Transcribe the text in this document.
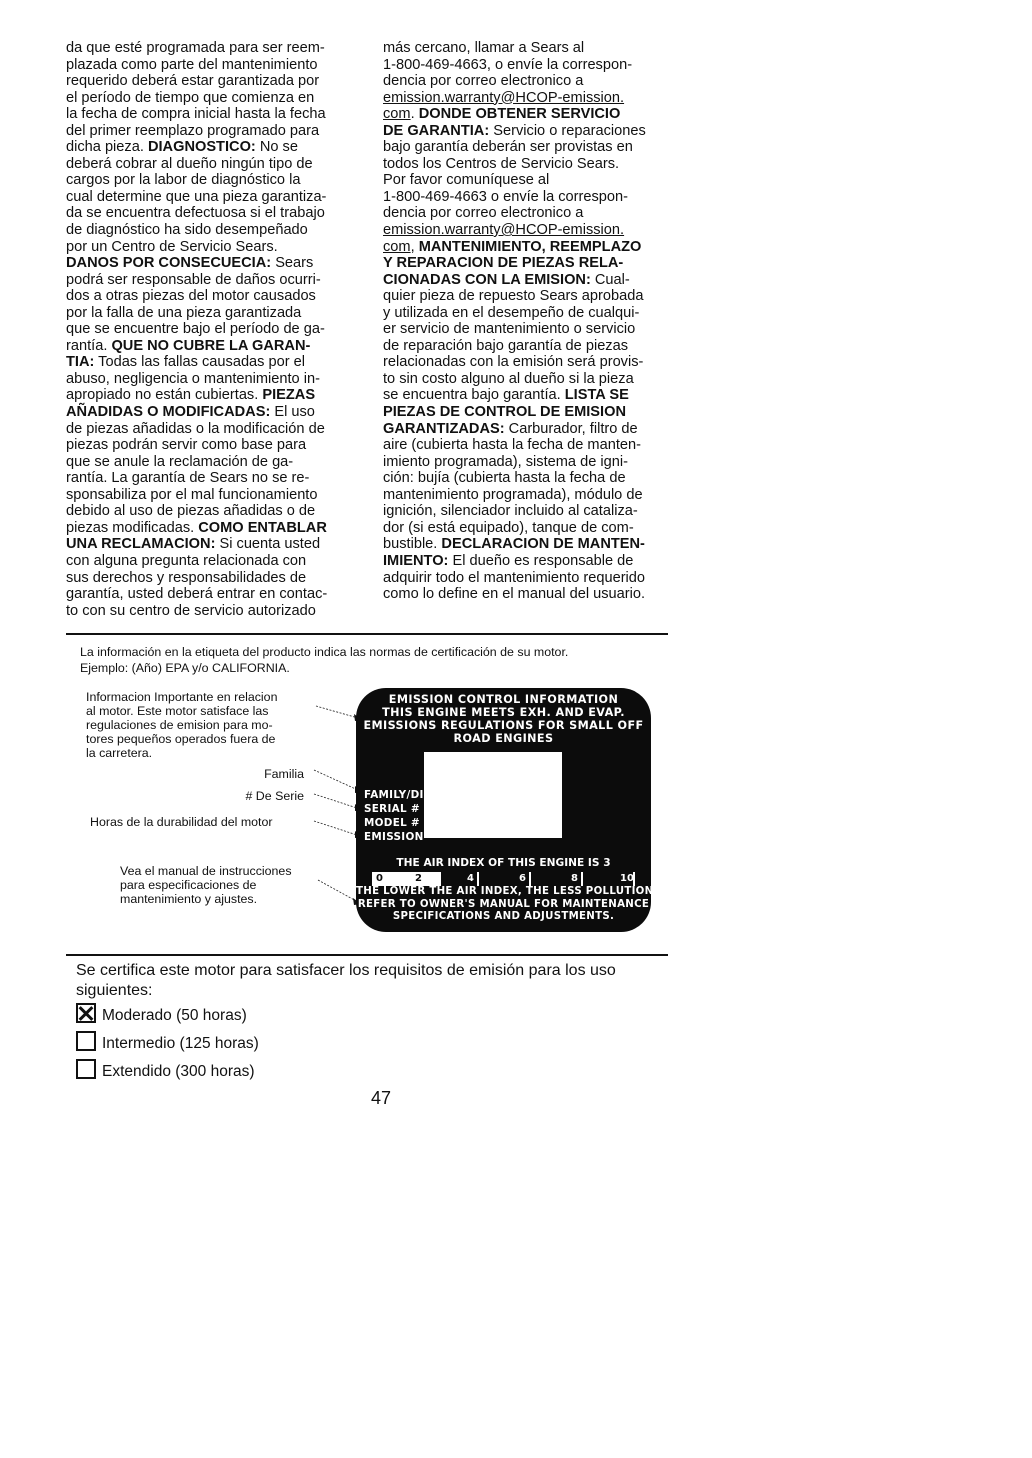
da que esté programada para ser reem-

plazada como parte del mantenimiento

requerido deberá estar garantizada por

el período de tiempo que comienza en

la fecha de compra inicial hasta la fecha

del primer reemplazo programado para

dicha pieza. DIAGNOSTICO: No se

deberá cobrar al dueño ningún tipo de

cargos por la labor de diagnóstico la

cual determine que una pieza garantiza-

da se encuentra defectuosa si el trabajo

de diagnóstico ha sido desempeñado

por un Centro de Servicio Sears.

DANOS POR CONSECUECIA: Sears

podrá ser responsable de daños ocurri-

dos a otras piezas del motor causados

por la falla de una pieza garantizada

que se encuentre bajo el período de ga-

rantía. QUE NO CUBRE LA GARAN-

TIA: Todas las fallas causadas por el

abuso, negligencia o mantenimiento in-

apropiado no están cubiertas. PIEZAS

AÑADIDAS O MODIFICADAS: El uso

de piezas añadidas o la modificación de

piezas podrán servir como base para

que se anule la reclamación de ga-

rantía. La garantía de Sears no se re-

sponsabiliza por el mal funcionamiento

debido al uso de piezas añadidas o de

piezas modificadas. COMO ENTABLAR

UNA RECLAMACION: Si cuenta usted

con alguna pregunta relacionada con

sus derechos y responsabilidades de

garantía, usted deberá entrar en contac-

to con su centro de servicio autorizado

más cercano, llamar a Sears al

1-800-469-4663, o envíe la correspon-

dencia por correo electronico a

emission.warranty@HCOP-emission.

com. DONDE OBTENER SERVICIO

DE GARANTIA: Servicio o reparaciones

bajo garantía deberán ser provistas en

todos los Centros de Servicio Sears.

Por favor comuníquese al

1-800-469-4663 o envíe la correspon-

dencia por correo electronico a

emission.warranty@HCOP-emission.

com, MANTENIMIENTO, REEMPLAZO

Y REPARACION DE PIEZAS RELA-

CIONADAS CON LA EMISION: Cual-

quier pieza de repuesto Sears aprobada

y utilizada en el desempeño de cualqui-

er servicio de mantenimiento o servicio

de reparación bajo garantía de piezas

relacionadas con la emisión será provis-

to sin costo alguno al dueño si la pieza

se encuentra bajo garantía. LISTA SE

PIEZAS DE CONTROL DE EMISION

GARANTIZADAS: Carburador, filtro de

aire (cubierta hasta la fecha de manten-

imiento programada), sistema de igni-

ción: bujía (cubierta hasta la fecha de

mantenimiento programada), módulo de

ignición, silenciador incluido al cataliza-

dor (si está equipado), tanque de com-

bustible. DECLARACION DE MANTEN-

IMIENTO: El dueño es responsable de

adquirir todo el mantenimiento requerido

como lo define en el manual del usuario.

La información en la etiqueta del producto indica las normas de certificación de su motor.

Ejemplo: (Año) EPA y/o CALIFORNIA.

Informacion Importante en relacion

al motor. Este motor satisface las

regulaciones de emision para mo-

tores pequeños operados fuera de

la carretera.

Familia
# De Serie
Horas de la durabilidad del motor

Vea el manual de instrucciones

para especificaciones de

mantenimiento y ajustes.

EMISSION CONTROL INFORMATION

THIS ENGINE MEETS EXH. AND EVAP.

EMISSIONS REGULATIONS FOR SMALL OFF

ROAD ENGINES

FAMILY/DISP.

SERIAL #

MODEL #

EMISSION

THE AIR INDEX OF THIS ENGINE IS 3
0	2	4	6	8	10

THE LOWER THE AIR INDEX, THE LESS POLLUTION

REFER TO OWNER'S MANUAL FOR MAINTENANCE

SPECIFICATIONS AND ADJUSTMENTS.

Se certifica este motor para satisfacer los requisitos de emisión para los uso

siguientes:

Moderado (50 horas)
Intermedio (125 horas)
Extendido (300 horas)
47
